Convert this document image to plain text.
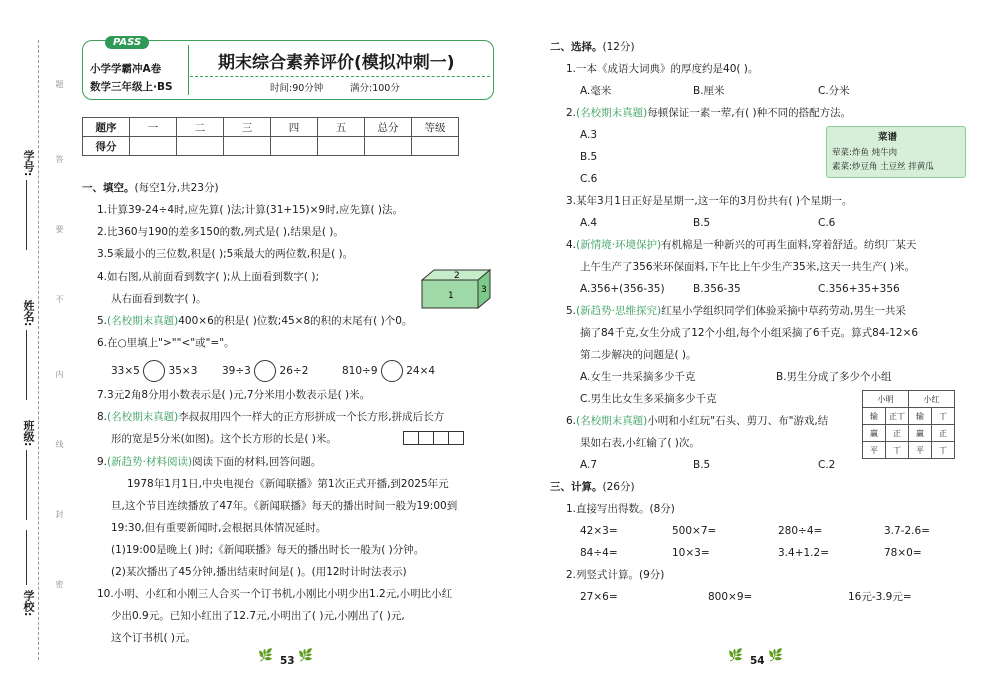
学号:
姓名:
班级:
学校:
题
答
要
不
内
线
封
密
PASS
小学学霸冲A卷
数学三年级上·BS
期末综合素养评价(模拟冲刺一)
时间:90分钟	满分:100分
题序	一	二	三	四	五	总分	等级
得分							
一、填空。(每空1分,共23分)
1.计算39-24÷4时,应先算( )法;计算(31+15)×9时,应先算( )法。
2.比360与190的差多150的数,列式是( ),结果是( )。
3.5乘最小的三位数,积是( );5乘最大的两位数,积是( )。
4.如右图,从前面看到数字( );从上面看到数字( );
从右面看到数字( )。
2
1
3
5.(名校期末真题)400×6的积是( )位数;45×8的积的末尾有( )个0。
6.在○里填上">""<"或"="。
33×5	35×3 39÷3	26÷2	810÷9	24×4
7.3元2角8分用小数表示是( )元,7分米用小数表示是( )米。
8.(名校期末真题)李叔叔用四个一样大的正方形拼成一个长方形,拼成后长方
形的宽是5分米(如图)。这个长方形的长是( )米。
9.(新趋势·材料阅读)阅读下面的材料,回答问题。
1978年1月1日,中央电视台《新闻联播》第1次正式开播,到2025年元
旦,这个节目连续播放了47年。《新闻联播》每天的播出时间一般为19:00到
19:30,但有重要新闻时,会根据具体情况延时。
(1)19:00是晚上( )时;《新闻联播》每天的播出时长一般为( )分钟。
(2)某次播出了45分钟,播出结束时间是( )。(用12时计时法表示)
10.小明、小红和小刚三人合买一个订书机,小刚比小明少出1.2元,小明比小红
少出0.9元。已知小红出了12.7元,小明出了( )元,小刚出了( )元,
这个订书机( )元。
🌿 53 🌿
二、选择。(12分)
1.一本《成语大词典》的厚度约是40( )。
A.毫米	B.厘米	C.分米
2.(名校期末真题)每顿保证一素一荤,有( )种不同的搭配方法。
A.3
B.5
C.6
菜谱
荤菜:炸鱼 炖牛肉
素菜:炒豆角 土豆丝 拌黄瓜
3.某年3月1日正好是星期一,这一年的3月份共有( )个星期一。
A.4	B.5	C.6
4.(新情境·环境保护)有机棉是一种新兴的可再生面料,穿着舒适。纺织厂某天
上午生产了356米环保面料,下午比上午少生产35米,这天一共生产( )米。
A.356+(356-35)	B.356-35	C.356+35+356
5.(新趋势·思维探究)红星小学组织同学们体验采摘中草药劳动,男生一共采
摘了84千克,女生分成了12个小组,每个小组采摘了6千克。算式84-12×6
第二步解决的问题是( )。
A.女生一共采摘多少千克	B.男生分成了多少个小组
C.男生比女生多采摘多少千克
6.(名校期末真题)小明和小红玩"石头、剪刀、布"游戏,结
果如右表,小红输了( )次。
A.7	B.5	C.2
小明		小红	
输	正丅	输	丅
赢	正	赢	正
平	丅	平	丅
三、计算。(26分)
1.直接写出得数。(8分)
42×3=	500×7=	280÷4=	3.7-2.6=
84÷4=	10×3=	3.4+1.2=	78×0=
2.列竖式计算。(9分)
27×6=	800×9=	16元-3.9元=
🌿 54 🌿
